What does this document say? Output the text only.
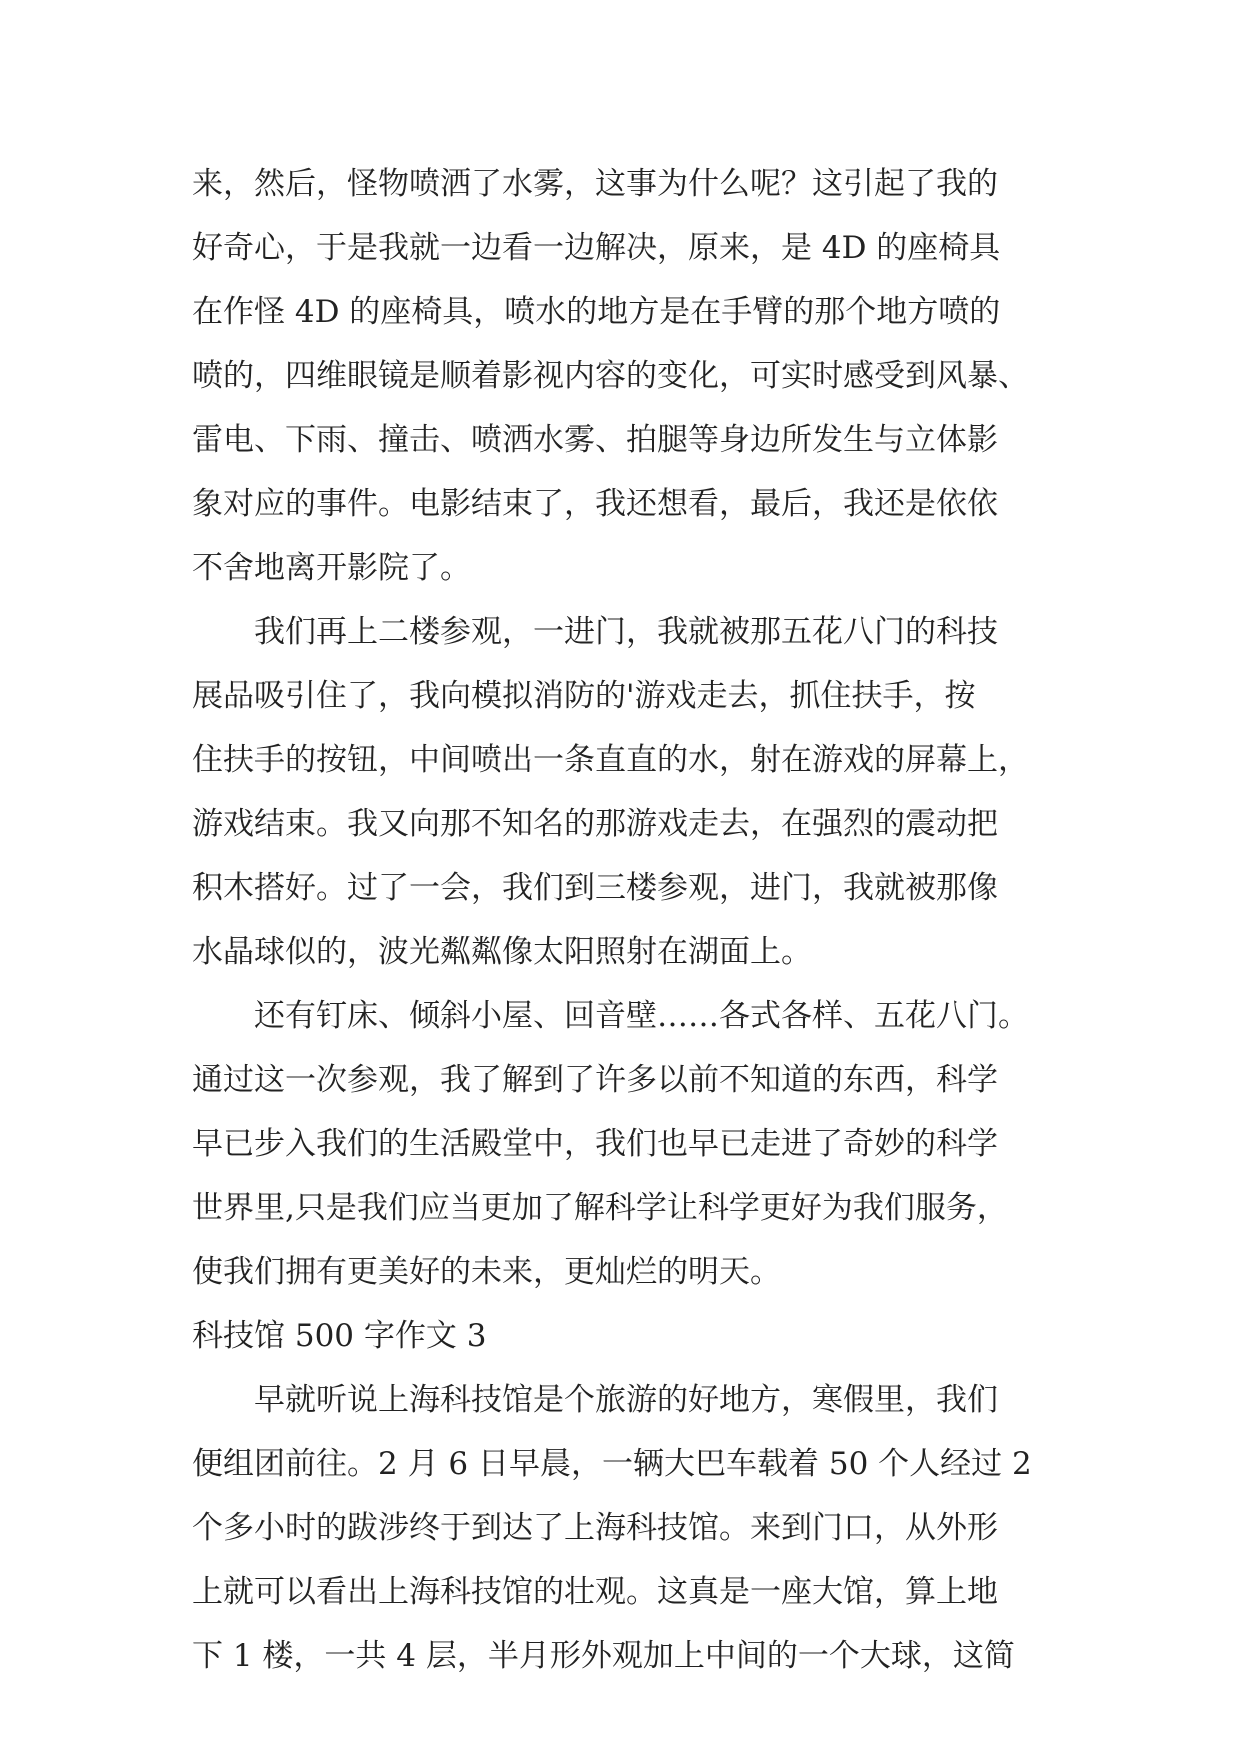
来，然后，怪物喷洒了水雾，这事为什么呢？这引起了我的
好奇心，于是我就一边看一边解决，原来，是 4D 的座椅具
在作怪 4D 的座椅具，喷水的地方是在手臂的那个地方喷的
喷的，四维眼镜是顺着影视内容的变化，可实时感受到风暴、
雷电、下雨、撞击、喷洒水雾、拍腿等身边所发生与立体影
象对应的事件。电影结束了，我还想看，最后，我还是依依
不舍地离开影院了。
我们再上二楼参观，一进门，我就被那五花八门的科技
展品吸引住了，我向模拟消防的'游戏走去，抓住扶手，按
住扶手的按钮，中间喷出一条直直的水，射在游戏的屏幕上，
游戏结束。我又向那不知名的那游戏走去，在强烈的震动把
积木搭好。过了一会，我们到三楼参观，进门，我就被那像
水晶球似的，波光粼粼像太阳照射在湖面上。
还有钉床、倾斜小屋、回音壁……各式各样、五花八门。
通过这一次参观，我了解到了许多以前不知道的东西，科学
早已步入我们的生活殿堂中，我们也早已走进了奇妙的科学
世界里,只是我们应当更加了解科学让科学更好为我们服务，
使我们拥有更美好的未来，更灿烂的明天。
科技馆 500 字作文 3
早就听说上海科技馆是个旅游的好地方，寒假里，我们
便组团前往。2 月 6 日早晨，一辆大巴车载着 50 个人经过 2
个多小时的跋涉终于到达了上海科技馆。来到门口，从外形
上就可以看出上海科技馆的壮观。这真是一座大馆，算上地
下 1 楼，一共 4 层，半月形外观加上中间的一个大球，这简
